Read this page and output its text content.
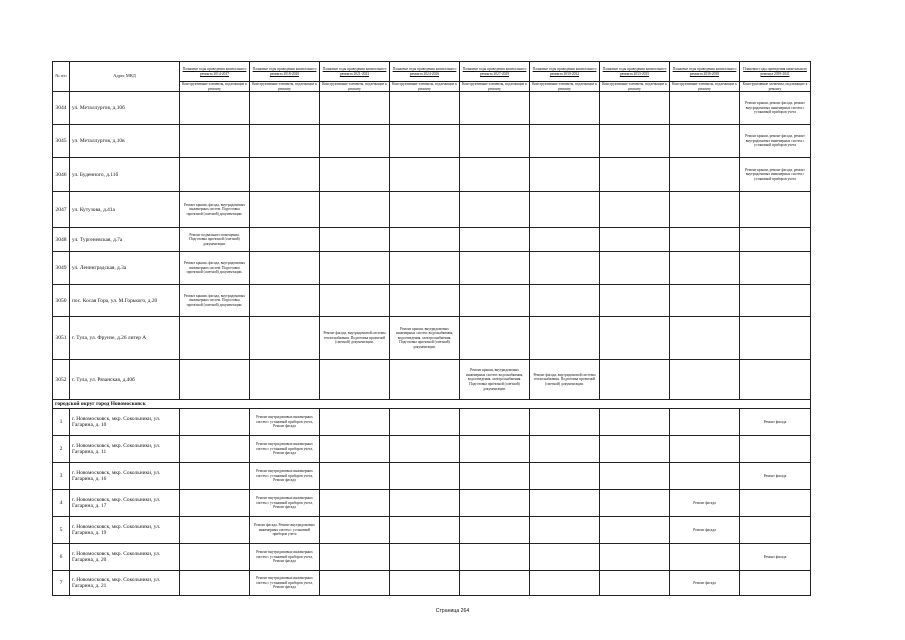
№ п/п	Адрес МКД	Плановые годы проведения капитального ремонта 2014-2017	Плановые годы проведения капитального ремонта 2018-2020	Плановые годы проведения капитального ремонта 2021-2023	Плановые годы проведения капитального ремонта 2024-2026	Плановые годы проведения капитального ремонта 2027-2029	Плановые годы проведения капитального ремонта 2030-2032	Плановые годы проведения капитального ремонта 2033-2035	Плановые годы проведения капитального ремонта 2036-2038	Плановые годы проведения капитального ремонта 2039-2041

		Конструктивные элементы, подлежащие к ремонту	Конструктивные элементы, подлежащие к ремонту	Конструктивные элементы, подлежащие к ремонту	Конструктивные элементы, подлежащие к ремонту	Конструктивные элементы, подлежащие к ремонту	Конструктивные элементы, подлежащие к ремонту	Конструктивные элементы, подлежащие к ремонту	Конструктивные элементы, подлежащие к ремонту	Конструктивные элементы, подлежащие к ремонту
3044	ул. Металлургов, д.10б									Ремонт крыши, ремонт фасада, ремонт внутридомовых инженерных систем с установкой приборов учета
3045	ул. Металлургов, д.10в									Ремонт крыши, ремонт фасада, ремонт внутридомовых инженерных систем с установкой приборов учета
3046	ул. Буденного, д.11б									Ремонт крыши, ремонт фасада, ремонт внутридомовых инженерных систем с установкой приборов учета
2047	ул. Кутузова, д.41а	Ремонт крыши, фасада, внутридомовых инженерных систем. Подготовка проектной (сметной) документации.								
3048	ул. Тургеневская, д.7а	Ремонт подвального помещения. Подготовка проектной (сметной) документации.								
3049	ул. Ленинградская, д.3а	Ремонт крыши, фасада, внутридомовых инженерных систем. Подготовка проектной (сметной) документации.								
3050	пос. Косая Гора, ул. М.Горького, д.20	Ремонт крыши, фасада, внутридомовых инженерных систем. Подготовка проектной (сметной) документации.								
3051	г. Тула, ул. Фрунзе, д.26 литер А			Ремонт фасада, внутридомовой системы теплоснабжения. Подготовка проектной (сметной) документации.	Ремонт крыши, внутридомовых инженерных систем: водоснабжения, водоотведения, электроснабжения. Подготовка проектной (сметной) документации.					
3052	г. Тула, ул. Рязанская, д.40б					Ремонт крыши, внутридомовых инженерных систем: водоснабжения, водоотведения, электроснабжения. Подготовка проектной (сметной) документации.	Ремонт фасада, внутридомовой системы теплоснабжения. Подготовка проектной (сметной) документации.			
городской округ город Новомосковск										
1	г. Новомосковск, мкр. Сокольники, ул. Гагарина, д. 10		Ремонт внутридомовых инженерных систем с установкой приборов учета, Ремонт фасада							Ремонт фасада
2	г. Новомосковск, мкр. Сокольники, ул. Гагарина, д. 11		Ремонт внутридомовых инженерных систем с установкой приборов учета, Ремонт фасада							
3	г. Новомосковск, мкр. Сокольники, ул. Гагарина, д. 16		Ремонт внутридомовых инженерных систем с установкой приборов учета, Ремонт фасада							Ремонт фасада
4	г. Новомосковск, мкр. Сокольники, ул. Гагарина, д. 17		Ремонт внутридомовых инженерных систем с установкой приборов учета, Ремонт фасада						Ремонт фасада	
5	г. Новомосковск, мкр. Сокольники, ул. Гагарина, д. 19		Ремонт фасада. Ремонт внутридомовых инженерных систем с установкой приборов учета						Ремонт фасада	
6	г. Новомосковск, мкр. Сокольники, ул. Гагарина, д. 20		Ремонт внутридомовых инженерных систем с установкой приборов учета, Ремонт фасада							Ремонт фасада
7	г. Новомосковск, мкр. Сокольники, ул. Гагарина, д. 21		Ремонт внутридомовых инженерных систем с установкой приборов учета, Ремонт фасада						Ремонт фасада	
Страница 264
